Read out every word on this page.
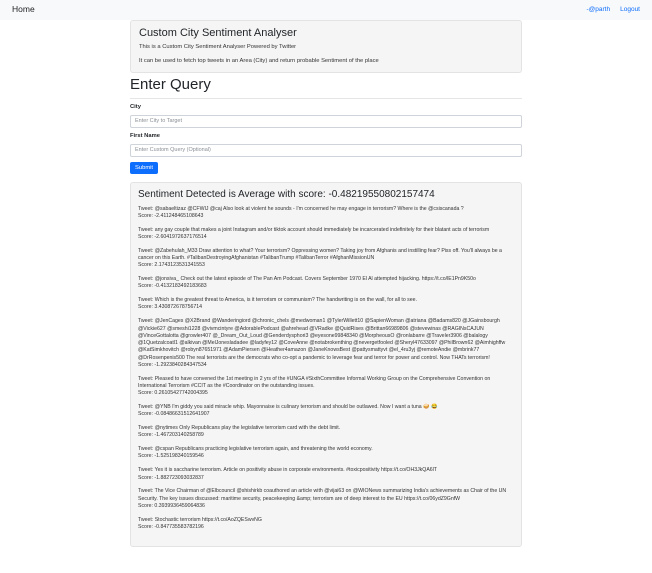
Home	-@parth Logout
Custom City Sentiment Analyser

This is a Custom City Sentiment Analyser Powered by Twitter

It can be used to fetch top tweets in an Area (City) and return probable Sentiment of the place

Enter Query
City
Enter City to Target
First Name
Enter Custom Query (Optional) Submit
Sentiment Detected is Average with score: -0.48219550802157474

Tweet: @sabaeltizaz @CFWIJ @caj Also look at violent he sounds - I'm concerned he may engage in terrorism? Where is the @csiscanada ?

Score: -2.411248465108643

Tweet: any gay couple that makes a joint Instagram and/or tiktok account should immediately be incarcerated indefinitely for their blatant acts of terrorism

Score: -2.6041972637176514

Tweet: @Zabehulah_M33 Draw attention to what? Your terrorism? Oppressing women? Taking joy from Afghanis and instilling fear? Piss off. You'll always be a cancer on this Earth. #TalibanDestroyingAfghanistan #TalibanTrump #TalibanTerror #AfghanMissionUN

Score: 2.1743123531341553

Tweet: @jonsiva_ Check out the latest episode of The Pan Am Podcast. Covers September 1970 El Al attempted hijacking. https://t.co/lE1Pn9K50o

Score: -0.4132183492183683

Tweet: Which is the greatest threat to America, is it terrorism or communism? The handwriting is on the wall, for all to see.

Score: 3.430872678756714

Tweet: @JenCages @X2Brand @Wanderingiord @chronic_chels @medwoman1 @TylerWillett10 @SapienWoman @atriana @Badams820 @JGainsbourgh @Vickie627 @smeshi1228 @vivmcintyre @AdorablePodcast @ahrehead @VRadke @QuidRises @Brittan66989806 @stevewinas @RAGINsCAJUN @VinceGottalotta @growler407 @_Dream_Out_Loud @Genderdysphori3 @eyesone99848340 @MorpheousO @ronlabarre @Traveler3906 @balalogy @1Quetzalcoatl1 @alkivan @MelJonesladadee @ladyfey12 @CoveAnne @notabrokenthing @nevergetfooled @Sheryl47633097 @PhilBrown62 @Aimhighffw @KatSimkhovitch @robyn87651971 @AdamPiersen @Heather4amazon @JaneKnowsBest @pattysmattyvt @el_4ru3yj @remoteAndie @mbrink77 @DrRosenpenis500 The real terrorists are the democrats who co-opt a pandemic to leverage fear and terror for power and control. Now THATs terrorism!

Score: -1.2923840284347534

Tweet: Pleased to have convened the 1st meeting in 2 yrs of the #UNGA #SixthCommittee Informal Working Group on the Comprehensive Convention on International Terrorism #CCIT as the #Coordinator on the outstanding issues.

Score: 0.26105427742004395

Tweet: @YNB I'm giddy you said miracle whip. Mayonnaise is culinary terrorism and should be outlawed. Now I want a tuna 🥪 😂

Score: -0.08486631512641907

Tweet: @nytimes Only Republicans play the legislative terrorism card with the debt limit.

Score: -1.467203140258789

Tweet: @cspan Republicans practicing legislative terrorism again, and threatening the world economy.

Score: -1.525198340159546

Tweet: Yes it is saccharine terrorism. Article on positivity abuse in corporate environments. #toxicpositivity https://t.co/OH3JkQA6lT

Score: -1.882723093032837

Tweet: The Vice Chairman of @Elbcouncil @shishirkb coauthored an article with @vijai63 on @WIONews summarizing India's achievements as Chair of the UN Security. The key issues discussed: maritime security, peacekeeping &amp; terrorism are of deep interest to the EU https://t.co/06ydZ9GnfW

Score: 0.3939936459064836

Tweet: Stochastic terrorism https://t.co/AoZQESwvNG

Score: -0.847735583782196
